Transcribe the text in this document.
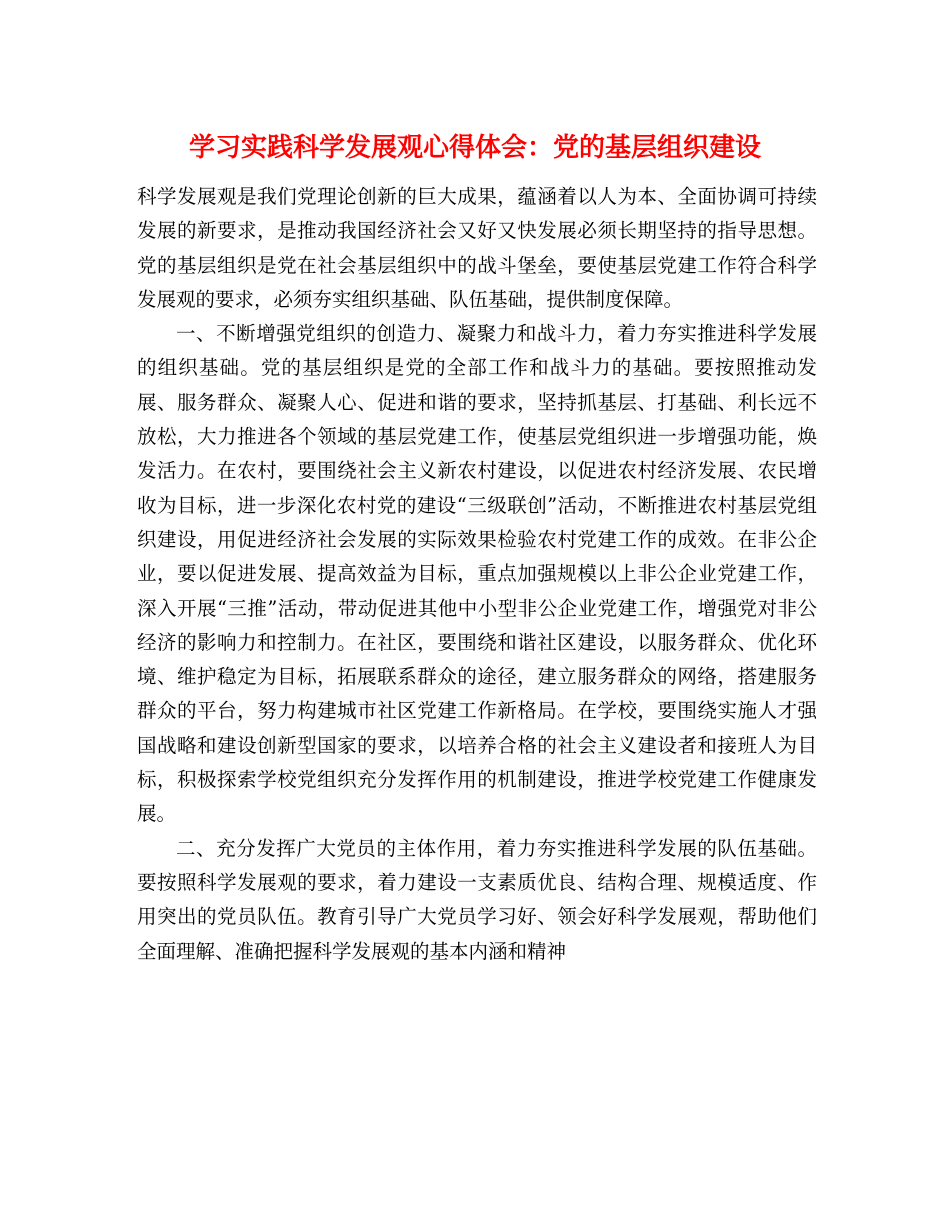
学习实践科学发展观心得体会：党的基层组织建设

科学发展观是我们党理论创新的巨大成果，蕴涵着以人为本、全面协调可持续发展的新要求，是推动我国经济社会又好又快发展必须长期坚持的指导思想。党的基层组织是党在社会基层组织中的战斗堡垒，要使基层党建工作符合科学发展观的要求，必须夯实组织基础、队伍基础，提供制度保障。

一、不断增强党组织的创造力、凝聚力和战斗力，着力夯实推进科学发展的组织基础。党的基层组织是党的全部工作和战斗力的基础。要按照推动发展、服务群众、凝聚人心、促进和谐的要求，坚持抓基层、打基础、利长远不放松，大力推进各个领域的基层党建工作，使基层党组织进一步增强功能，焕发活力。在农村，要围绕社会主义新农村建设，以促进农村经济发展、农民增收为目标，进一步深化农村党的建设“三级联创”活动，不断推进农村基层党组织建设，用促进经济社会发展的实际效果检验农村党建工作的成效。在非公企业，要以促进发展、提高效益为目标，重点加强规模以上非公企业党建工作，深入开展“三推”活动，带动促进其他中小型非公企业党建工作，增强党对非公经济的影响力和控制力。在社区，要围绕和谐社区建设，以服务群众、优化环境、维护稳定为目标，拓展联系群众的途径，建立服务群众的网络，搭建服务群众的平台，努力构建城市社区党建工作新格局。在学校，要围绕实施人才强国战略和建设创新型国家的要求，以培养合格的社会主义建设者和接班人为目标，积极探索学校党组织充分发挥作用的机制建设，推进学校党建工作健康发展。

二、充分发挥广大党员的主体作用，着力夯实推进科学发展的队伍基础。要按照科学发展观的要求，着力建设一支素质优良、结构合理、规模适度、作用突出的党员队伍。教育引导广大党员学习好、领会好科学发展观，帮助他们全面理解、准确把握科学发展观的基本内涵和精神
